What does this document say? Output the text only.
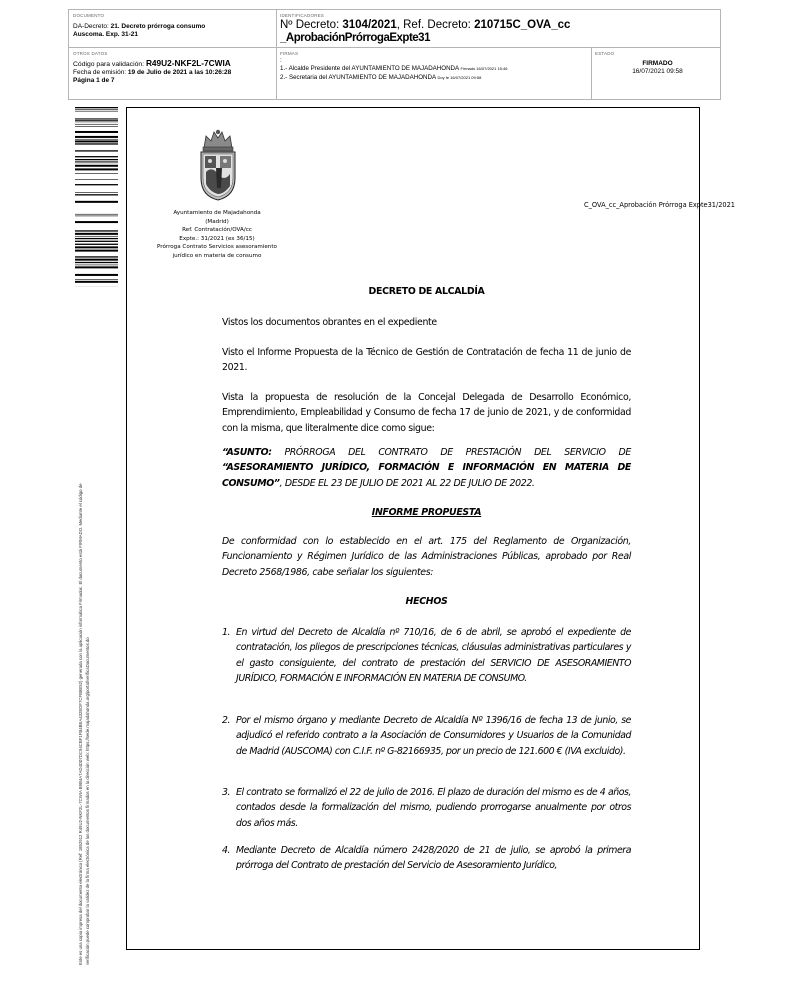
DOCUMENTO
DA-Decreto: 21. Decreto prórroga consumo
Auscoma. Exp. 31-21
IDENTIFICADORES
Nº Decreto: 3104/2021, Ref. Decreto: 210715C_OVA_cc
_AprobaciónPrórrogaExpte31
OTROS DATOS
Código para validación: R49U2-NKF2L-7CWIA
Fecha de emisión: 19 de Julio de 2021 a las 10:26:28
Página 1 de 7
FIRMAS
:
1.- Alcalde Presidente del AYUNTAMIENTO DE MAJADAHONDA Firmado 16/07/2021 15:46
2.- Secretaria del AYUNTAMIENTO DE MAJADAHONDA Doy fe 16/07/2021 09:58
ESTADO
FIRMADO
16/07/2021 09:58
Este es una copia impresa del documento electrónico (Ref: 1852912 R49U2-NKF2L-7CWIA B9B4A7AD4D07DC94CBF1FB4BEA432EDF7CFB8E52) generada con la aplicación informática Firmadoc. El documento está FIRMADO. Mediante el código de verificación puede comprobar la validez de la firma electrónica de los documentos firmados en la dirección web: https://sede.majadahonda.org/portal/verificaDocumentos.do
Ayuntamiento de Majadahonda
(Madrid)
Ref. Contratación/OVA/cc
Expte.: 31/2021 (ex 36/15)
Prórroga Contrato Servicios asesoramiento
jurídico en materia de consumo
C_OVA_cc_Aprobación Prórroga Expte31/2021
DECRETO DE ALCALDÍA
Vistos los documentos obrantes en el expediente
Visto el Informe Propuesta de la Técnico de Gestión de Contratación de fecha 11 de junio de 2021.
Vista la propuesta de resolución de la Concejal Delegada de Desarrollo Económico, Emprendimiento, Empleabilidad y Consumo de fecha 17 de junio de 2021, y de conformidad con la misma, que literalmente dice como sigue:
“ASUNTO: PRÓRROGA DEL CONTRATO DE PRESTACIÓN DEL SERVICIO DE “ASESORAMIENTO JURÍDICO, FORMACIÓN E INFORMACIÓN EN MATERIA DE CONSUMO”, DESDE EL 23 DE JULIO DE 2021 AL 22 DE JULIO DE 2022.
INFORME PROPUESTA
De conformidad con lo establecido en el art. 175 del Reglamento de Organización, Funcionamiento y Régimen Jurídico de las Administraciones Públicas, aprobado por Real Decreto 2568/1986, cabe señalar los siguientes:
HECHOS
1. En virtud del Decreto de Alcaldía nº 710/16, de 6 de abril, se aprobó el expediente de contratación, los pliegos de prescripciones técnicas, cláusulas administrativas particulares y el gasto consiguiente, del contrato de prestación del SERVICIO DE ASESORAMIENTO JURÍDICO, FORMACIÓN E INFORMACIÓN EN MATERIA DE CONSUMO.
2. Por el mismo órgano y mediante Decreto de Alcaldía Nº 1396/16 de fecha 13 de junio, se adjudicó el referido contrato a la Asociación de Consumidores y Usuarios de la Comunidad de Madrid (AUSCOMA) con C.I.F. nº G-82166935, por un precio de 121.600 € (IVA excluido).
3. El contrato se formalizó el 22 de julio de 2016. El plazo de duración del mismo es de 4 años, contados desde la formalización del mismo, pudiendo prorrogarse anualmente por otros dos años más.
4. Mediante Decreto de Alcaldía número 2428/2020 de 21 de julio, se aprobó la primera prórroga del Contrato de prestación del Servicio de Asesoramiento Jurídico,
